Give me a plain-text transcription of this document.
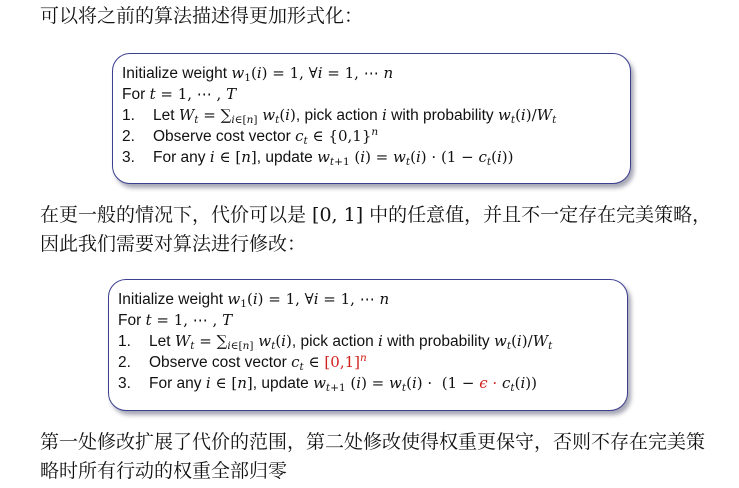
可以将之前的算法描述得更加形式化：

Initialize weight $w_1(i) = 1$, ∀i = 1, ⋯ n
For t = 1, ⋯ , T
1. Let $W_t = \sum_{i\in[n]}$ $w_t(i)$, pick action i with probability $w_t(i)/W_t$
2. Observe cost vector $c_t$ ∈ $\{0,1\}^n$
3. For any i ∈ [n], update $w_{t+1}$ $(i) = w_t(i) \cdot (1 - c_t(i))$

在更一般的情况下，代价可以是 [0, 1] 中的任意值，并且不一定存在完美策略，因此我们需要对算法进行修改：

Initialize weight $w_1(i) = 1$, ∀i = 1, ⋯ n
For t = 1, ⋯ , T
1. Let $W_t = \sum_{i\in[n]}$ $w_t(i)$, pick action i with probability $w_t(i)/W_t$
2. Observe cost vector $c_t$ ∈ $[0,1]^n$
3. For any i ∈ [n], update $w_{t+1}$ $(i) = w_t(i) \cdot (1 - \epsilon \cdot c_t(i))$

第一处修改扩展了代价的范围，第二处修改使得权重更保守，否则不存在完美策略时所有行动的权重全部归零
